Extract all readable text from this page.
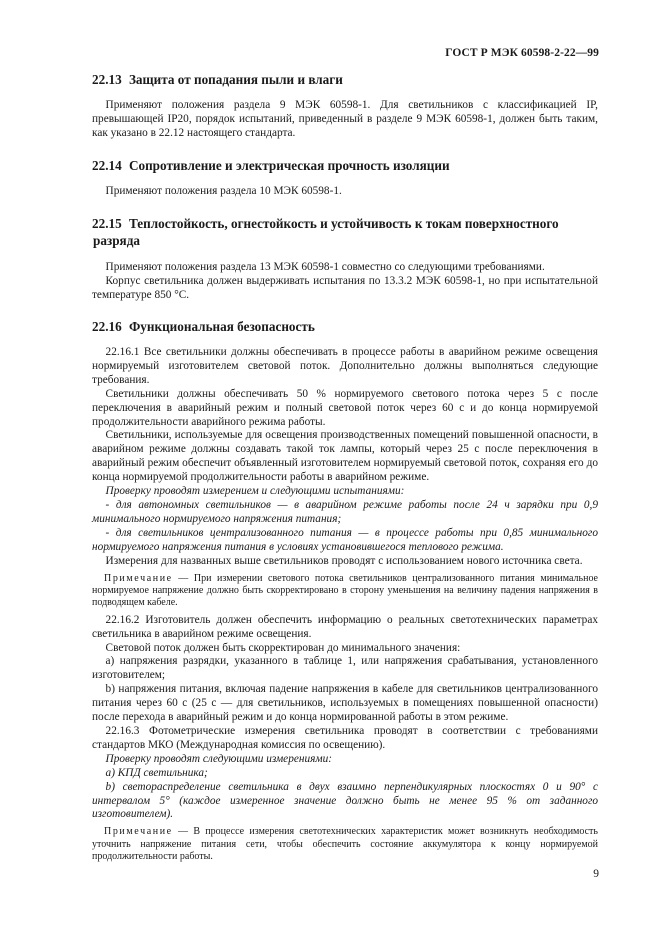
ГОСТ Р МЭК 60598-2-22—99
22.13 Защита от попадания пыли и влаги

Применяют положения раздела 9 МЭК 60598-1. Для светильников с классификацией IP, превышающей IP20, порядок испытаний, приведенный в разделе 9 МЭК 60598-1, должен быть таким, как указано в 22.12 настоящего стандарта.

22.14 Сопротивление и электрическая прочность изоляции

Применяют положения раздела 10 МЭК 60598-1.

22.15 Теплостойкость, огнестойкость и устойчивость к токам поверхностного
разряда

Применяют положения раздела 13 МЭК 60598-1 совместно со следующими требованиями.

Корпус светильника должен выдерживать испытания по 13.3.2 МЭК 60598-1, но при испытательной температуре 850 °С.

22.16 Функциональная безопасность

22.16.1 Все светильники должны обеспечивать в процессе работы в аварийном режиме освещения нормируемый изготовителем световой поток. Дополнительно должны выполняться следующие требования.

Светильники должны обеспечивать 50 % нормируемого светового потока через 5 с после переключения в аварийный режим и полный световой поток через 60 с и до конца нормируемой продолжительности аварийного режима работы.

Светильники, используемые для освещения производственных помещений повышенной опасности, в аварийном режиме должны создавать такой ток лампы, который через 25 с после переключения в аварийный режим обеспечит объявленный изготовителем нормируемый световой поток, сохраняя его до конца нормируемой продолжительности работы в аварийном режиме.

Проверку проводят измерением и следующими испытаниями:

- для автономных светильников — в аварийном режиме работы после 24 ч зарядки при 0,9 минимального нормируемого напряжения питания;

- для светильников централизованного питания — в процессе работы при 0,85 минимального нормируемого напряжения питания в условиях установившегося теплового режима.

Измерения для названных выше светильников проводят с использованием нового источника света.

Примечание — При измерении светового потока светильников централизованного питания минимальное нормируемое напряжение должно быть скорректировано в сторону уменьшения на величину падения напряжения в подводящем кабеле.

22.16.2 Изготовитель должен обеспечить информацию о реальных светотехнических параметрах светильника в аварийном режиме освещения.

Световой поток должен быть скорректирован до минимального значения:

a) напряжения разрядки, указанного в таблице 1, или напряжения срабатывания, установленного изготовителем;

b) напряжения питания, включая падение напряжения в кабеле для светильников централизованного питания через 60 с (25 с — для светильников, используемых в помещениях повышенной опасности) после перехода в аварийный режим и до конца нормированной работы в этом режиме.

22.16.3 Фотометрические измерения светильника проводят в соответствии с требованиями стандартов МКО (Международная комиссия по освещению).

Проверку проводят следующими измерениями:

a) КПД светильника;

b) светораспределение светильника в двух взаимно перпендикулярных плоскостях 0 и 90° с интервалом 5° (каждое измеренное значение должно быть не менее 95 % от заданного изготовителем).

Примечание — В процессе измерения светотехнических характеристик может возникнуть необходимость уточнить напряжение питания сети, чтобы обеспечить состояние аккумулятора к концу нормируемой продолжительности работы.

9
